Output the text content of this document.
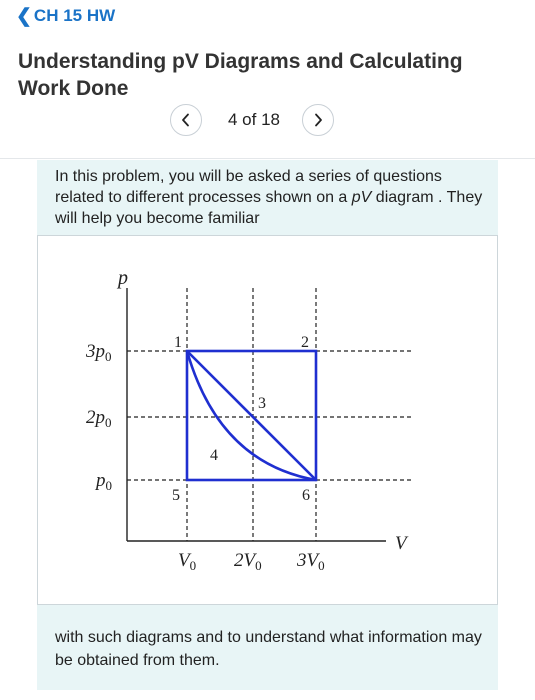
❮ CH 15 HW
Understanding pV Diagrams and Calculating Work Done
4 of 18

In this problem, you will be asked a series of questions related to different processes shown on a pV diagram . They will help you become familiar

p
V
$3p_0$
$2p_0$
$p_0$
$V_0$ $2V_0$ $3V_0$
1	2
3
4
5	6

with such diagrams and to understand what information may be obtained from them.
